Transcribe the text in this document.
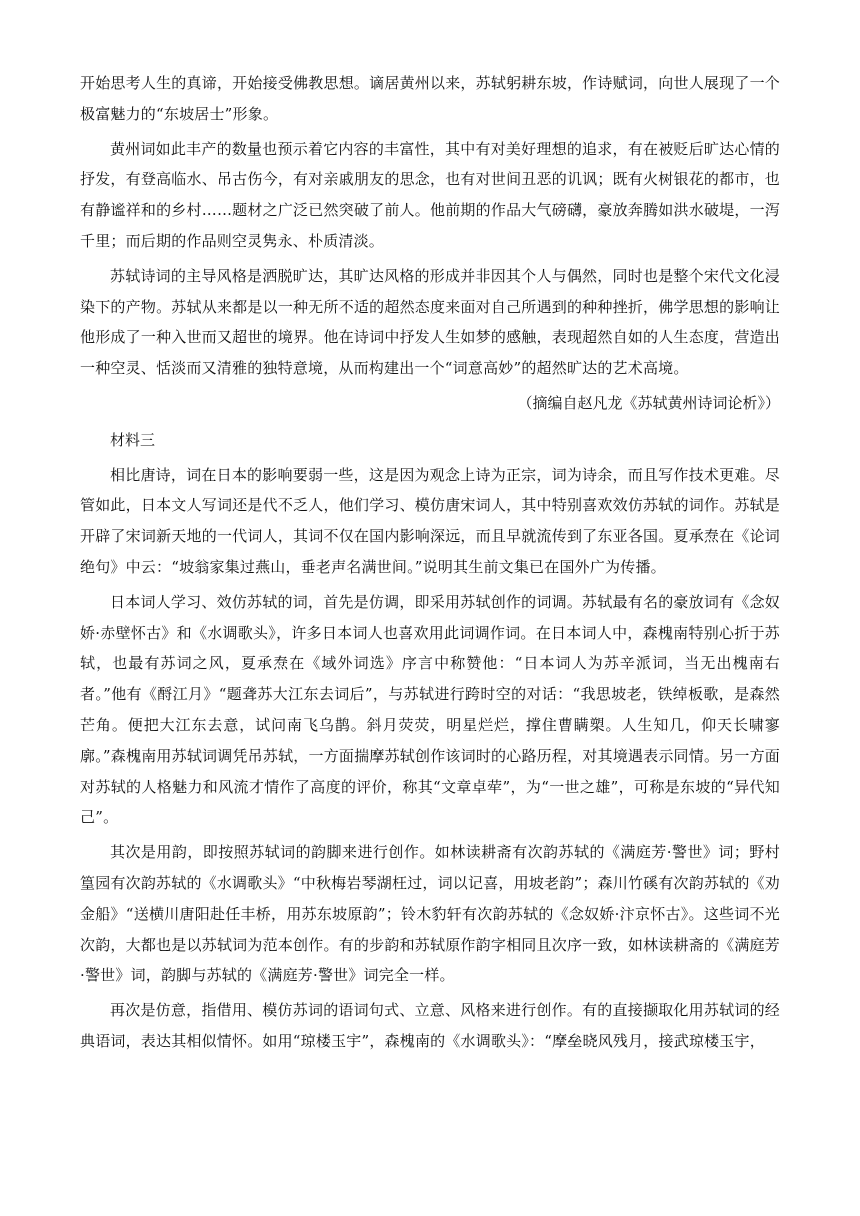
开始思考人生的真谛，开始接受佛教思想。谪居黄州以来，苏轼躬耕东坡，作诗赋词，向世人展现了一个极富魅力的“东坡居士”形象。

黄州词如此丰产的数量也预示着它内容的丰富性，其中有对美好理想的追求，有在被贬后旷达心情的抒发，有登高临水、吊古伤今，有对亲戚朋友的思念，也有对世间丑恶的讥讽；既有火树银花的都市，也有静谧祥和的乡村……题材之广泛已然突破了前人。他前期的作品大气磅礴，豪放奔腾如洪水破堤，一泻千里；而后期的作品则空灵隽永、朴质清淡。

苏轼诗词的主导风格是洒脱旷达，其旷达风格的形成并非因其个人与偶然，同时也是整个宋代文化浸染下的产物。苏轼从来都是以一种无所不适的超然态度来面对自己所遇到的种种挫折，佛学思想的影响让他形成了一种入世而又超世的境界。他在诗词中抒发人生如梦的感触，表现超然自如的人生态度，营造出一种空灵、恬淡而又清雅的独特意境，从而构建出一个“词意高妙”的超然旷达的艺术高境。

（摘编自赵凡龙《苏轼黄州诗词论析》）
材料三

相比唐诗，词在日本的影响要弱一些，这是因为观念上诗为正宗，词为诗余，而且写作技术更难。尽管如此，日本文人写词还是代不乏人，他们学习、模仿唐宋词人，其中特别喜欢效仿苏轼的词作。苏轼是开辟了宋词新天地的一代词人，其词不仅在国内影响深远，而且早就流传到了东亚各国。夏承焘在《论词绝句》中云：“坡翁家集过燕山，垂老声名满世间。”说明其生前文集已在国外广为传播。

日本词人学习、效仿苏轼的词，首先是仿调，即采用苏轼创作的词调。苏轼最有名的豪放词有《念奴娇·赤壁怀古》和《水调歌头》，许多日本词人也喜欢用此词调作词。在日本词人中，森槐南特别心折于苏轼，也最有苏词之风，夏承焘在《域外词选》序言中称赞他：“日本词人为苏辛派词，当无出槐南右者。”他有《酹江月》“题聋苏大江东去词后”，与苏轼进行跨时空的对话：“我思坡老，铁绰板歌，是森然芒角。便把大江东去意，试问南飞乌鹊。斜月荧荧，明星烂烂，撑住曹瞒槊。人生知几，仰天长啸寥廓。”森槐南用苏轼词调凭吊苏轼，一方面揣摩苏轼创作该词时的心路历程，对其境遇表示同情。另一方面对苏轼的人格魅力和风流才情作了高度的评价，称其“文章卓荦”，为“一世之雄”，可称是东坡的“异代知己”。

其次是用韵，即按照苏轼词的韵脚来进行创作。如林读耕斋有次韵苏轼的《满庭芳·警世》词；野村篁园有次韵苏轼的《水调歌头》“中秋梅岩琴湖枉过，词以记喜，用坡老韵”；森川竹磎有次韵苏轼的《劝金船》“送横川唐阳赴任丰桥，用苏东坡原韵”；铃木豹轩有次韵苏轼的《念奴娇·汴京怀古》。这些词不光次韵，大都也是以苏轼词为范本创作。有的步韵和苏轼原作韵字相同且次序一致，如林读耕斋的《满庭芳·警世》词，韵脚与苏轼的《满庭芳·警世》词完全一样。

再次是仿意，指借用、模仿苏词的语词句式、立意、风格来进行创作。有的直接撷取化用苏轼词的经典语词，表达其相似情怀。如用“琼楼玉宇”，森槐南的《水调歌头》：“摩垒晓风残月，接武琼楼玉宇，
